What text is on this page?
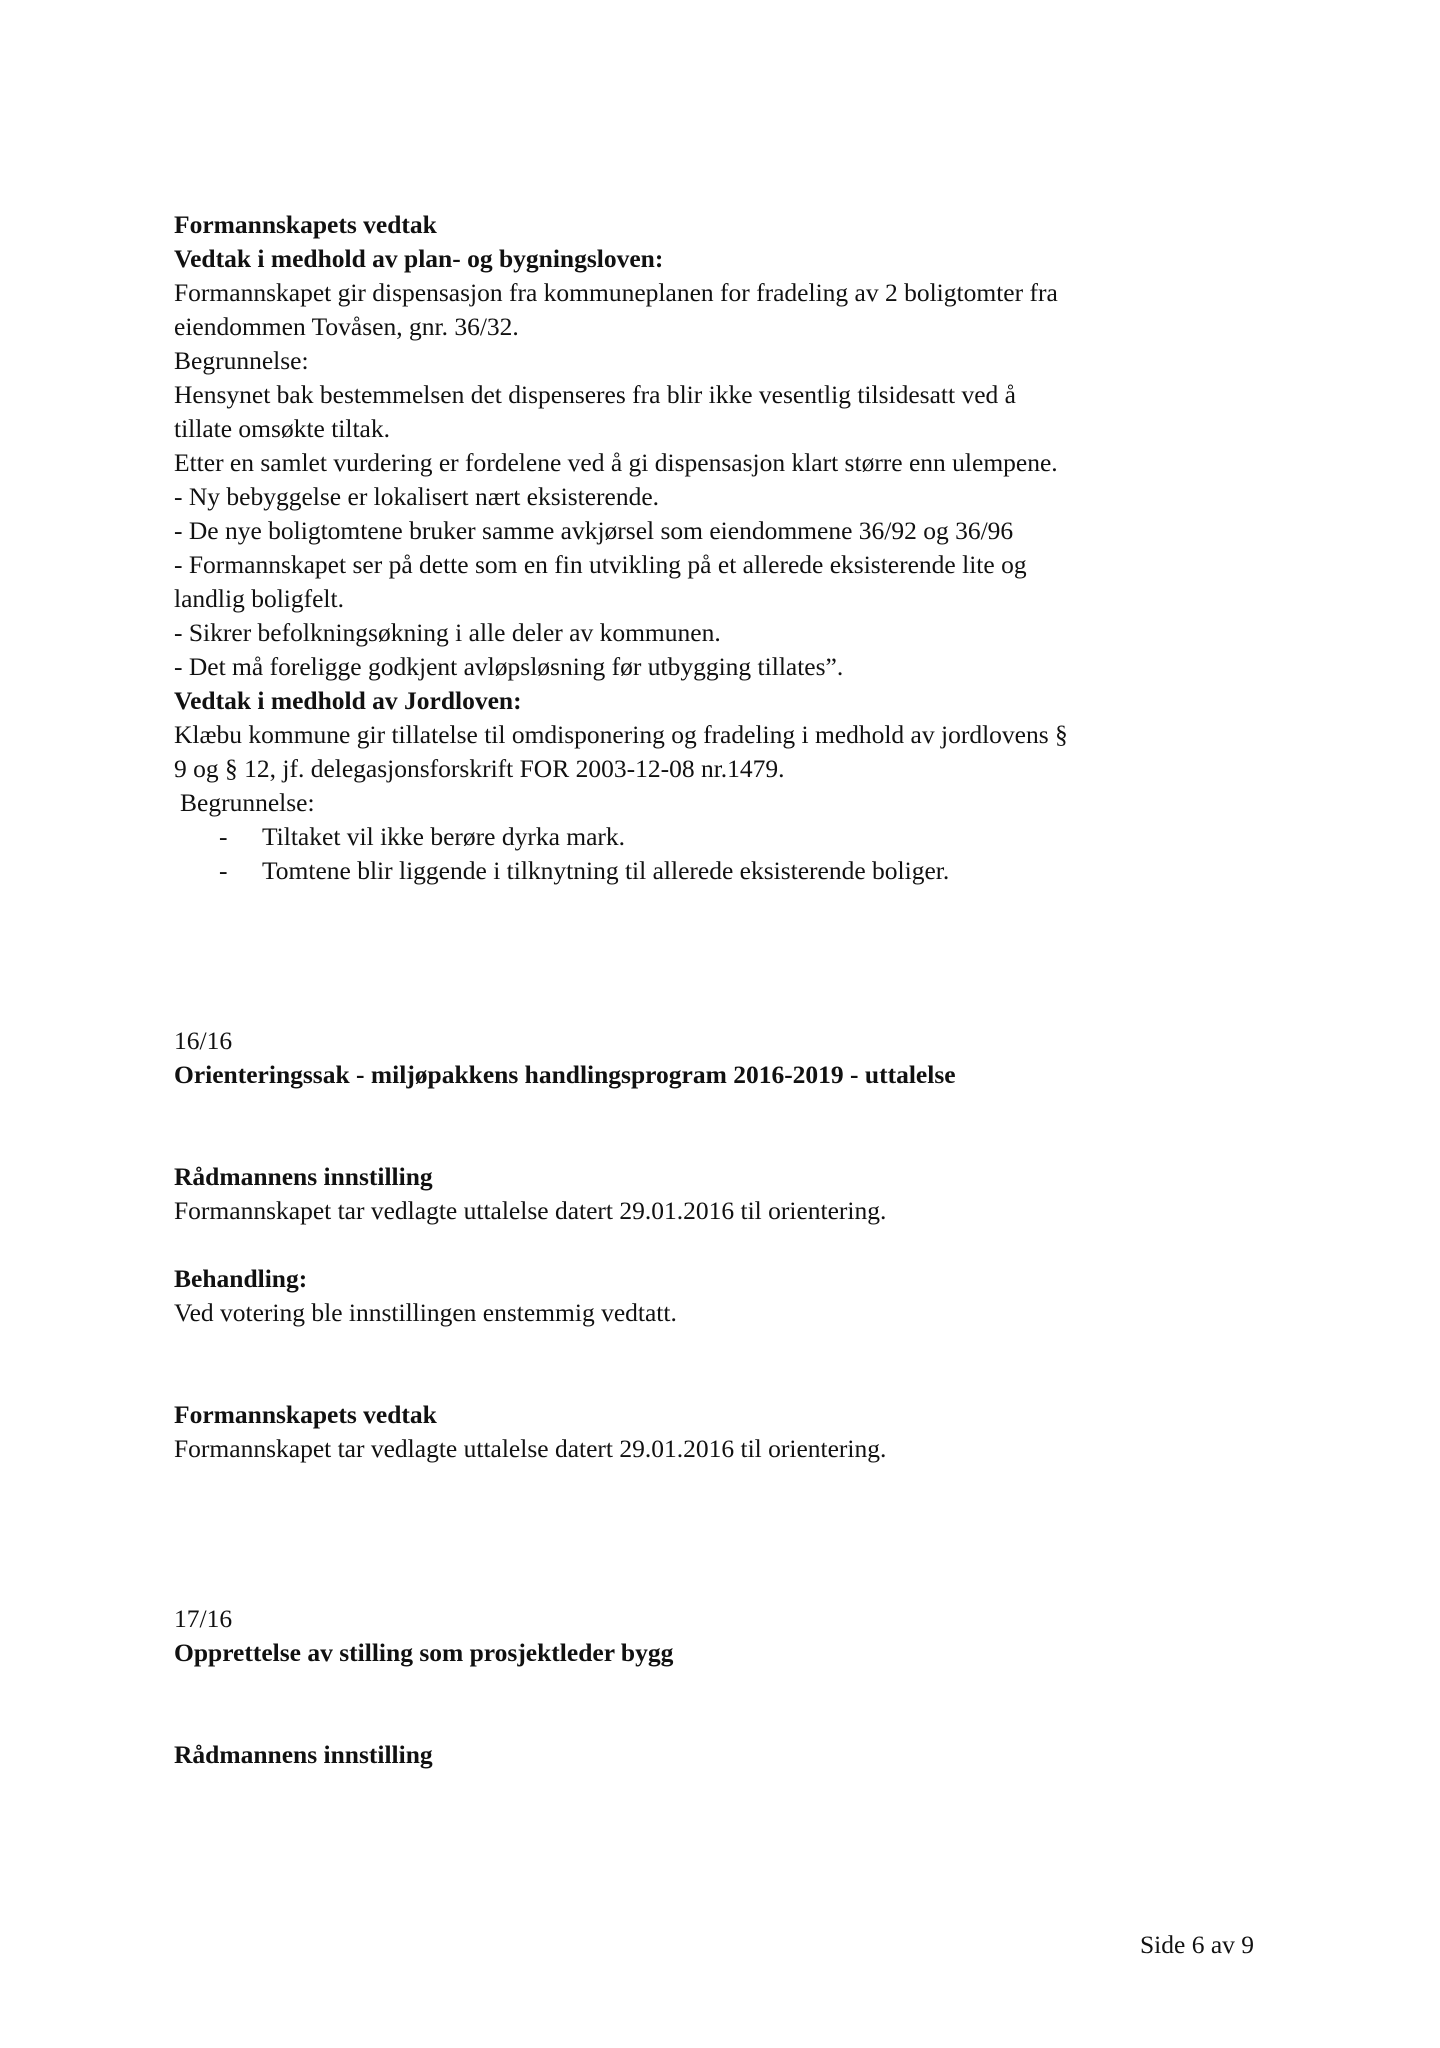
Formannskapets vedtak

Vedtak i medhold av plan- og bygningsloven:

Formannskapet gir dispensasjon fra kommuneplanen for fradeling av 2 boligtomter fra

eiendommen Tovåsen, gnr. 36/32.

Begrunnelse:

Hensynet bak bestemmelsen det dispenseres fra blir ikke vesentlig tilsidesatt ved å

tillate omsøkte tiltak.

Etter en samlet vurdering er fordelene ved å gi dispensasjon klart større enn ulempene.

- Ny bebyggelse er lokalisert nært eksisterende.

- De nye boligtomtene bruker samme avkjørsel som eiendommene 36/92 og 36/96

- Formannskapet ser på dette som en fin utvikling på et allerede eksisterende lite og

landlig boligfelt.

- Sikrer befolkningsøkning i alle deler av kommunen.

- Det må foreligge godkjent avløpsløsning før utbygging tillates”.

Vedtak i medhold av Jordloven:

Klæbu kommune gir tillatelse til omdisponering og fradeling i medhold av jordlovens §

9 og § 12, jf. delegasjonsforskrift FOR 2003-12-08 nr.1479.

Begrunnelse:

- Tiltaket vil ikke berøre dyrka mark.

- Tomtene blir liggende i tilknytning til allerede eksisterende boliger.

16/16

Orienteringssak - miljøpakkens handlingsprogram 2016-2019 - uttalelse

Rådmannens innstilling

Formannskapet tar vedlagte uttalelse datert 29.01.2016 til orientering.

Behandling:

Ved votering ble innstillingen enstemmig vedtatt.

Formannskapets vedtak

Formannskapet tar vedlagte uttalelse datert 29.01.2016 til orientering.

17/16

Opprettelse av stilling som prosjektleder bygg

Rådmannens innstilling

Side 6 av 9
